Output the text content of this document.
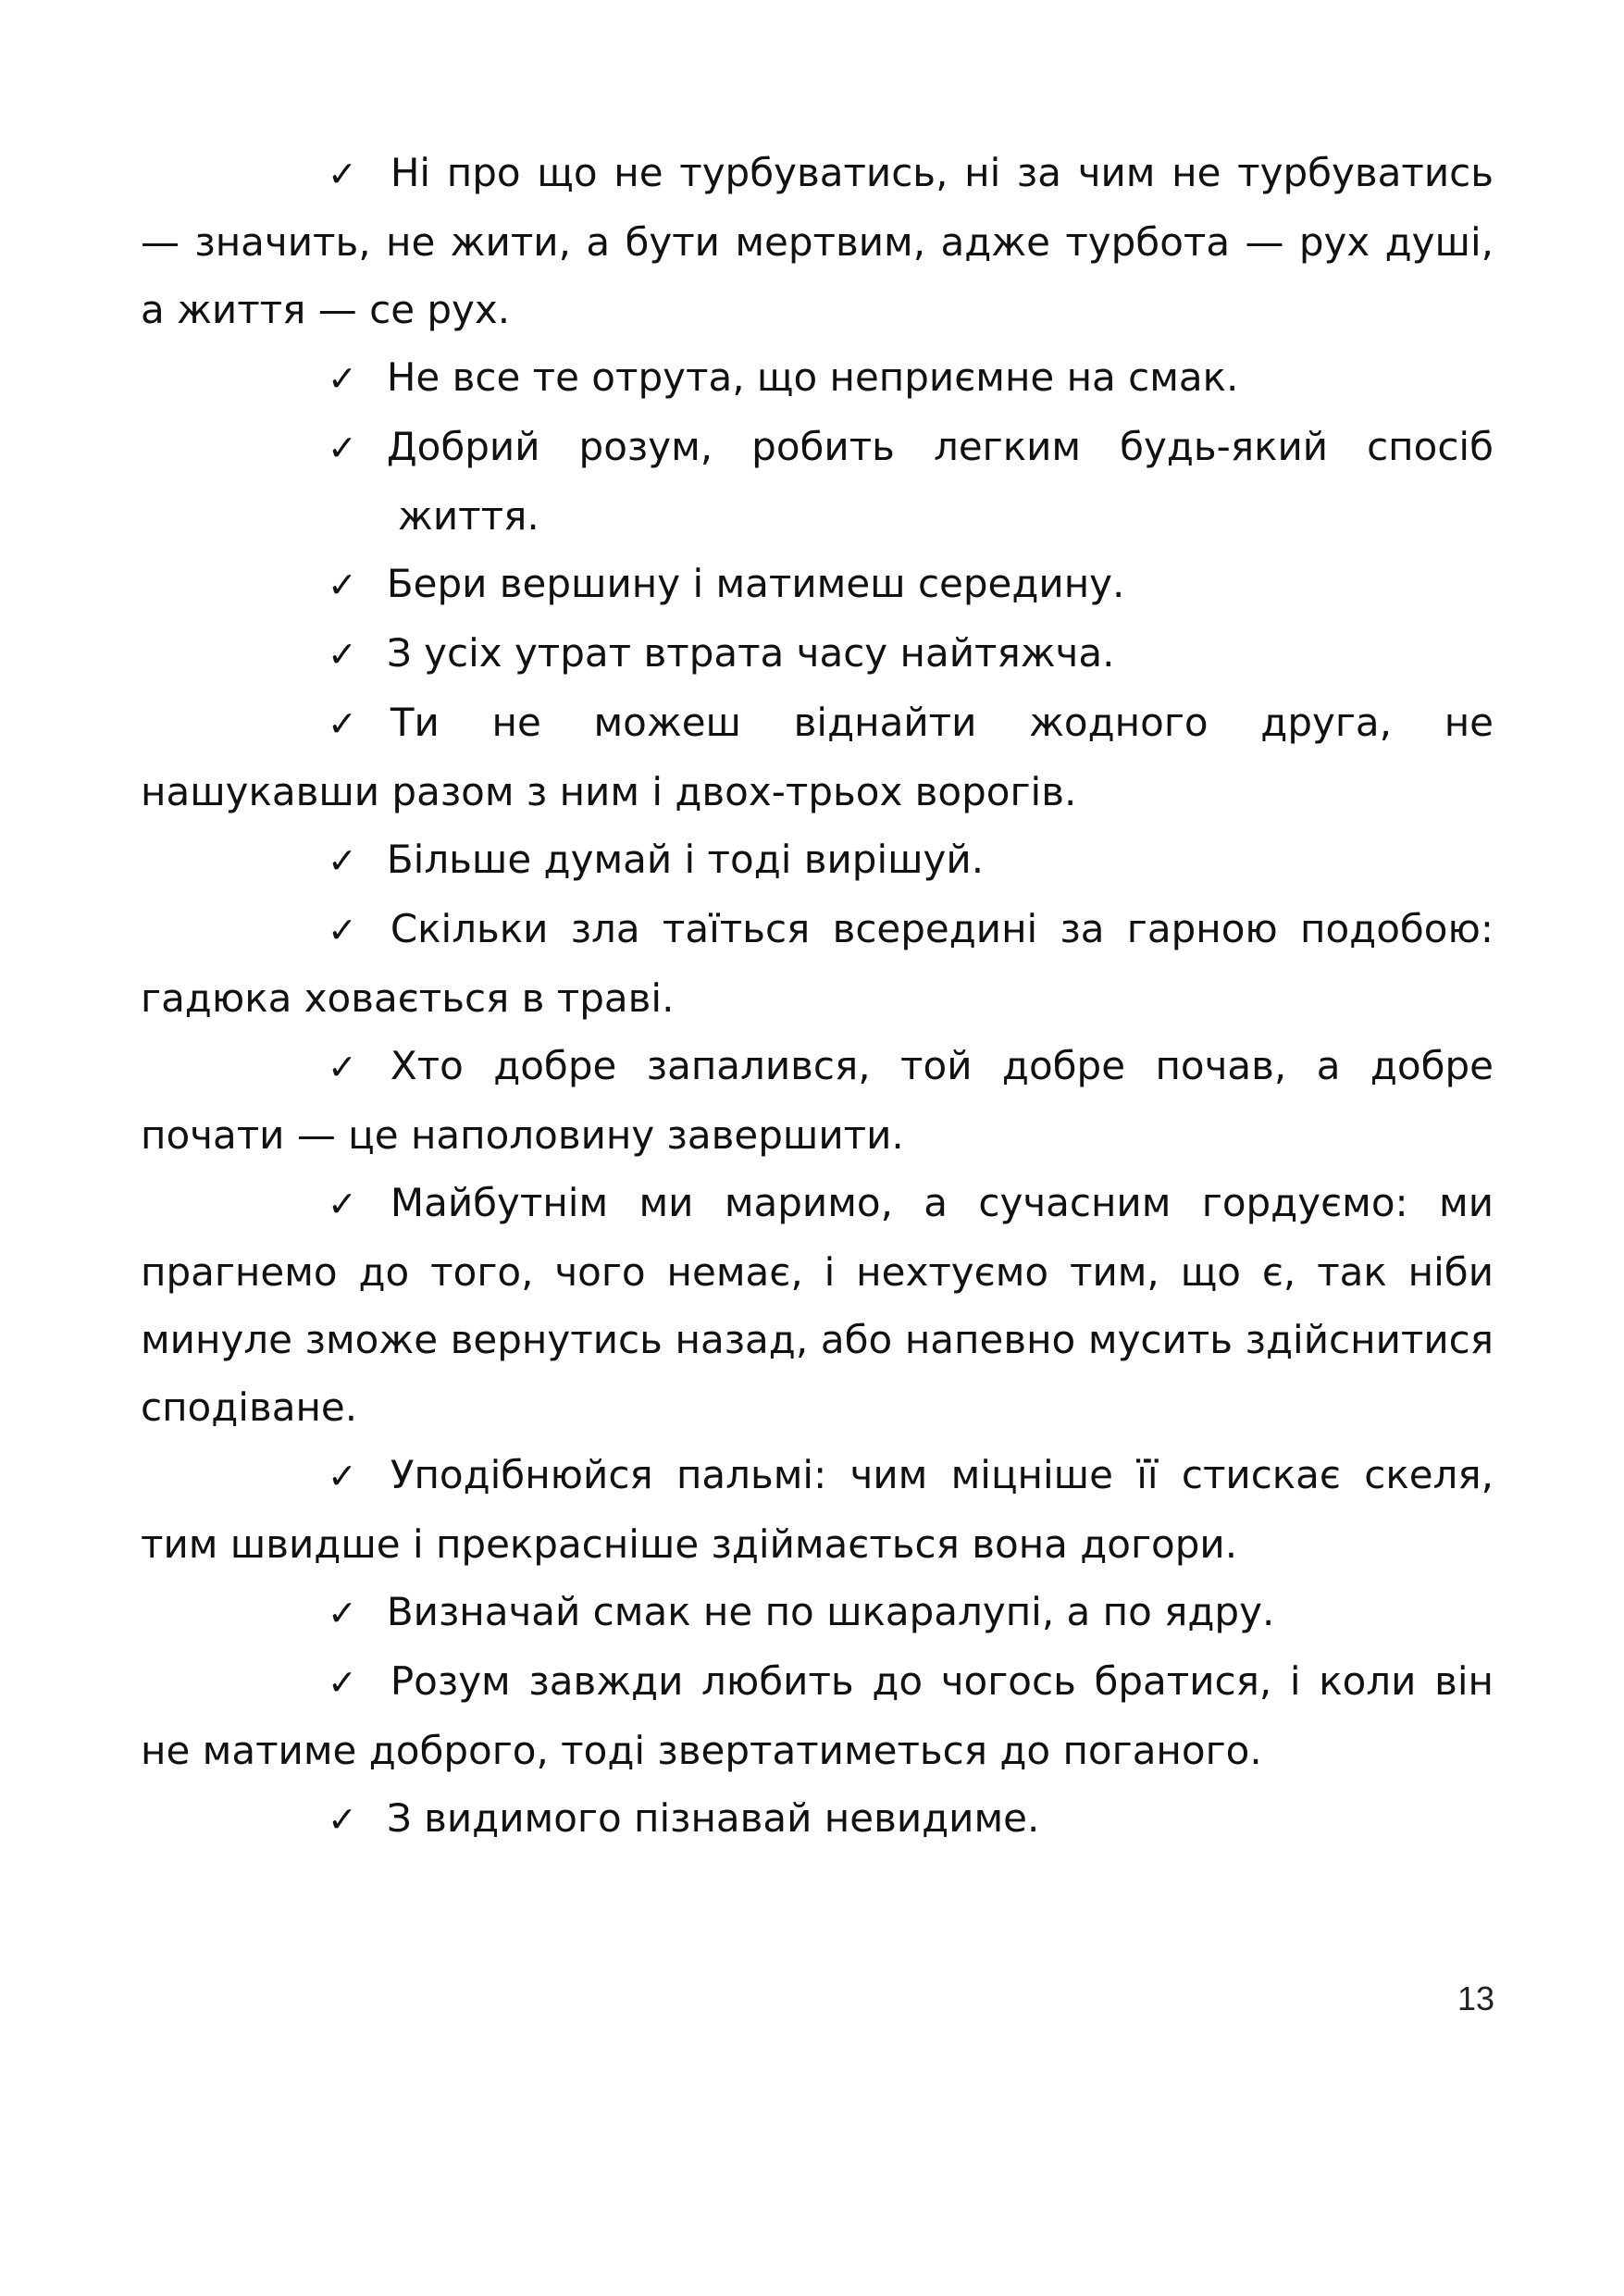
✓ Ні про що не турбуватись, ні за чим не турбуватись — значить, не жити, а бути мертвим, адже турбота — рух душі, а життя — се рух.

✓ Не все те отрута, що неприємне на смак.

✓ Добрий розум, робить легким будь-який спосіб життя.

✓ Бери вершину і матимеш середину.

✓ З усіх утрат втрата часу найтяжча.

✓ Ти не можеш віднайти жодного друга, не нашукавши разом з ним і двох-трьох ворогів.

✓ Більше думай і тоді вирішуй.

✓ Скільки зла таїться всередині за гарною подобою: гадюка ховається в траві.

✓ Хто добре запалився, той добре почав, а добре почати — це наполовину завершити.

✓ Майбутнім ми маримо, а сучасним гордуємо: ми прагнемо до того, чого немає, і нехтуємо тим, що є, так ніби минуле зможе вернутись назад, або напевно мусить здійснитися сподіване.

✓ Уподібнюйся пальмі: чим міцніше її стискає скеля, тим швидше і прекрасніше здіймається вона догори.

✓ Визначай смак не по шкаралупі, а по ядру.

✓ Розум завжди любить до чогось братися, і коли він не матиме доброго, тоді звертатиметься до поганого.

✓ З видимого пізнавай невидиме.

13
